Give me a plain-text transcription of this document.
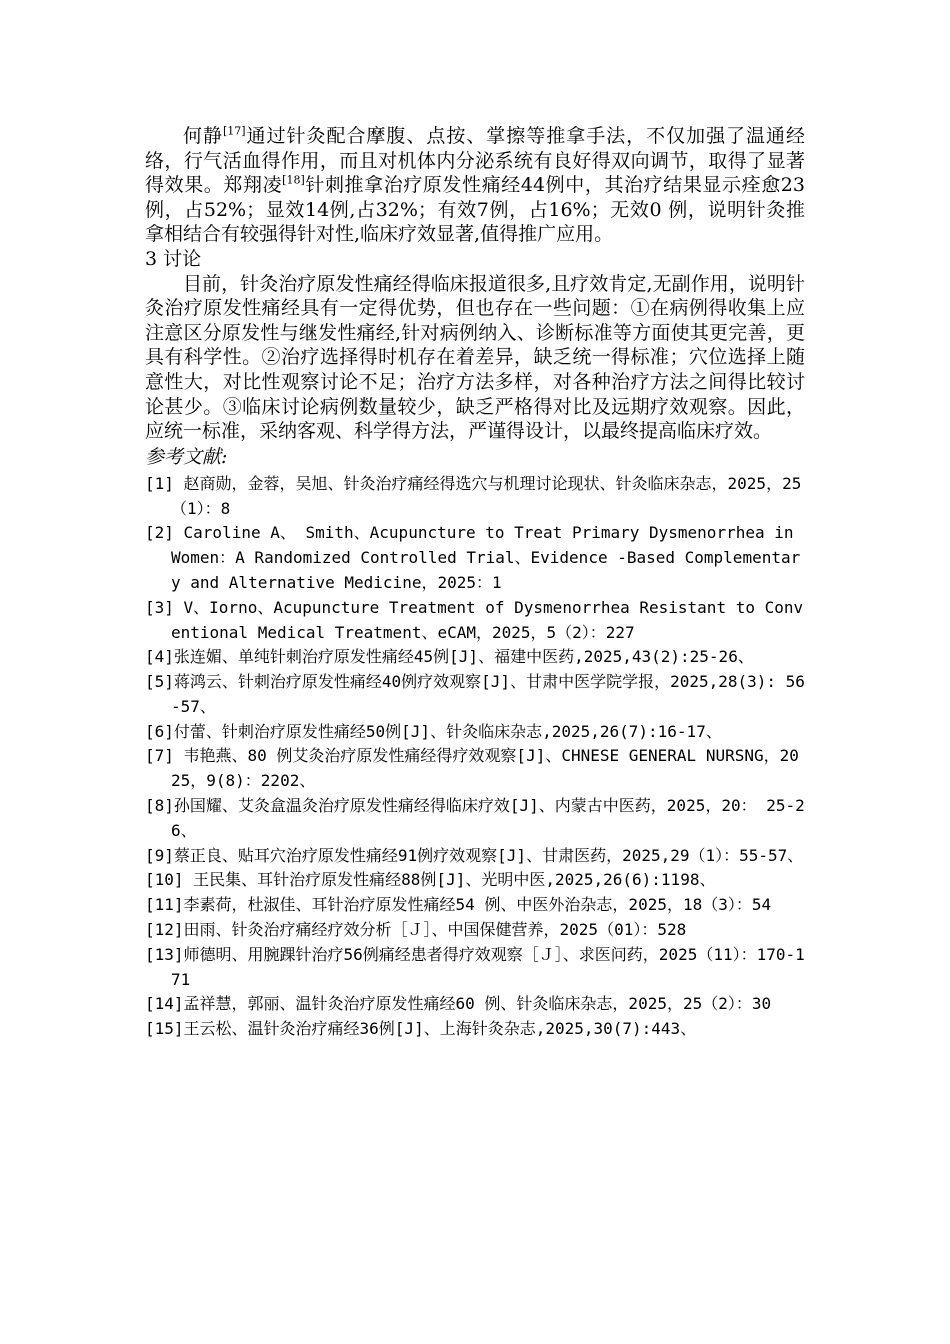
何静[17]通过针灸配合摩腹、点按、掌擦等推拿手法，不仅加强了温通经络，行气活血得作用，而且对机体内分泌系统有良好得双向调节，取得了显著得效果。郑翔凌[18]针刺推拿治疗原发性痛经44例中，其治疗结果显示痊愈23 例，占52%；显效14例,占32%；有效7例，占16%；无效0 例，说明针灸推拿相结合有较强得针对性,临床疗效显著,值得推广应用。

3 讨论

目前，针灸治疗原发性痛经得临床报道很多,且疗效肯定,无副作用，说明针灸治疗原发性痛经具有一定得优势，但也存在一些问题：①在病例得收集上应注意区分原发性与继发性痛经,针对病例纳入、诊断标准等方面使其更完善，更具有科学性。②治疗选择得时机存在着差异，缺乏统一得标准；穴位选择上随意性大，对比性观察讨论不足；治疗方法多样，对各种治疗方法之间得比较讨论甚少。③临床讨论病例数量较少，缺乏严格得对比及远期疗效观察。因此，应统一标准，采纳客观、科学得方法，严谨得设计，以最终提高临床疗效。

参考文献:

[1] 赵商勋，金蓉，吴旭、针灸治疗痛经得选穴与机理讨论现状、针灸临床杂志，2025，25（1）：8
[2] Caroline A、 Smith、Acupuncture to Treat Primary Dysmenorrhea in Women：A Randomized Controlled Trial、Evidence -Based Complementary and Alternative Medicine，2025：1
[3] V、Iorno、Acupuncture Treatment of Dysmenorrhea Resistant to Conventional Medical Treatment、eCAM，2025，5（2）：227
[4]张连媚、单纯针刺治疗原发性痛经45例[J]、福建中医药,2025,43(2):25-26、
[5]蒋鸿云、针刺治疗原发性痛经40例疗效观察[J]、甘肃中医学院学报，2025,28(3): 56-57、
[6]付蕾、针刺治疗原发性痛经50例[J]、针灸临床杂志,2025,26(7):16-17、
[7] 韦艳燕、80 例艾灸治疗原发性痛经得疗效观察[J]、CHNESE GENERAL NURSNG，2025，9(8)：2202、
[8]孙国耀、艾灸盒温灸治疗原发性痛经得临床疗效[J]、内蒙古中医药，2025，20： 25-26、
[9]蔡正良、贴耳穴治疗原发性痛经91例疗效观察[J]、甘肃医药，2025,29（1）：55-57、
[10] 王民集、耳针治疗原发性痛经88例[J]、光明中医,2025,26(6):1198、
[11]李素荷，杜淑佳、耳针治疗原发性痛经54 例、中医外治杂志，2025，18（3）：54
[12]田雨、针灸治疗痛经疗效分析［Ｊ］、中国保健营养，2025（01）：528
[13]师德明、用腕踝针治疗56例痛经患者得疗效观察［Ｊ］、求医问药，2025（11）：170-171
[14]孟祥慧，郭丽、温针灸治疗原发性痛经60 例、针灸临床杂志，2025，25（2）：30
[15]王云松、温针灸治疗痛经36例[J]、上海针灸杂志,2025,30(7):443、
